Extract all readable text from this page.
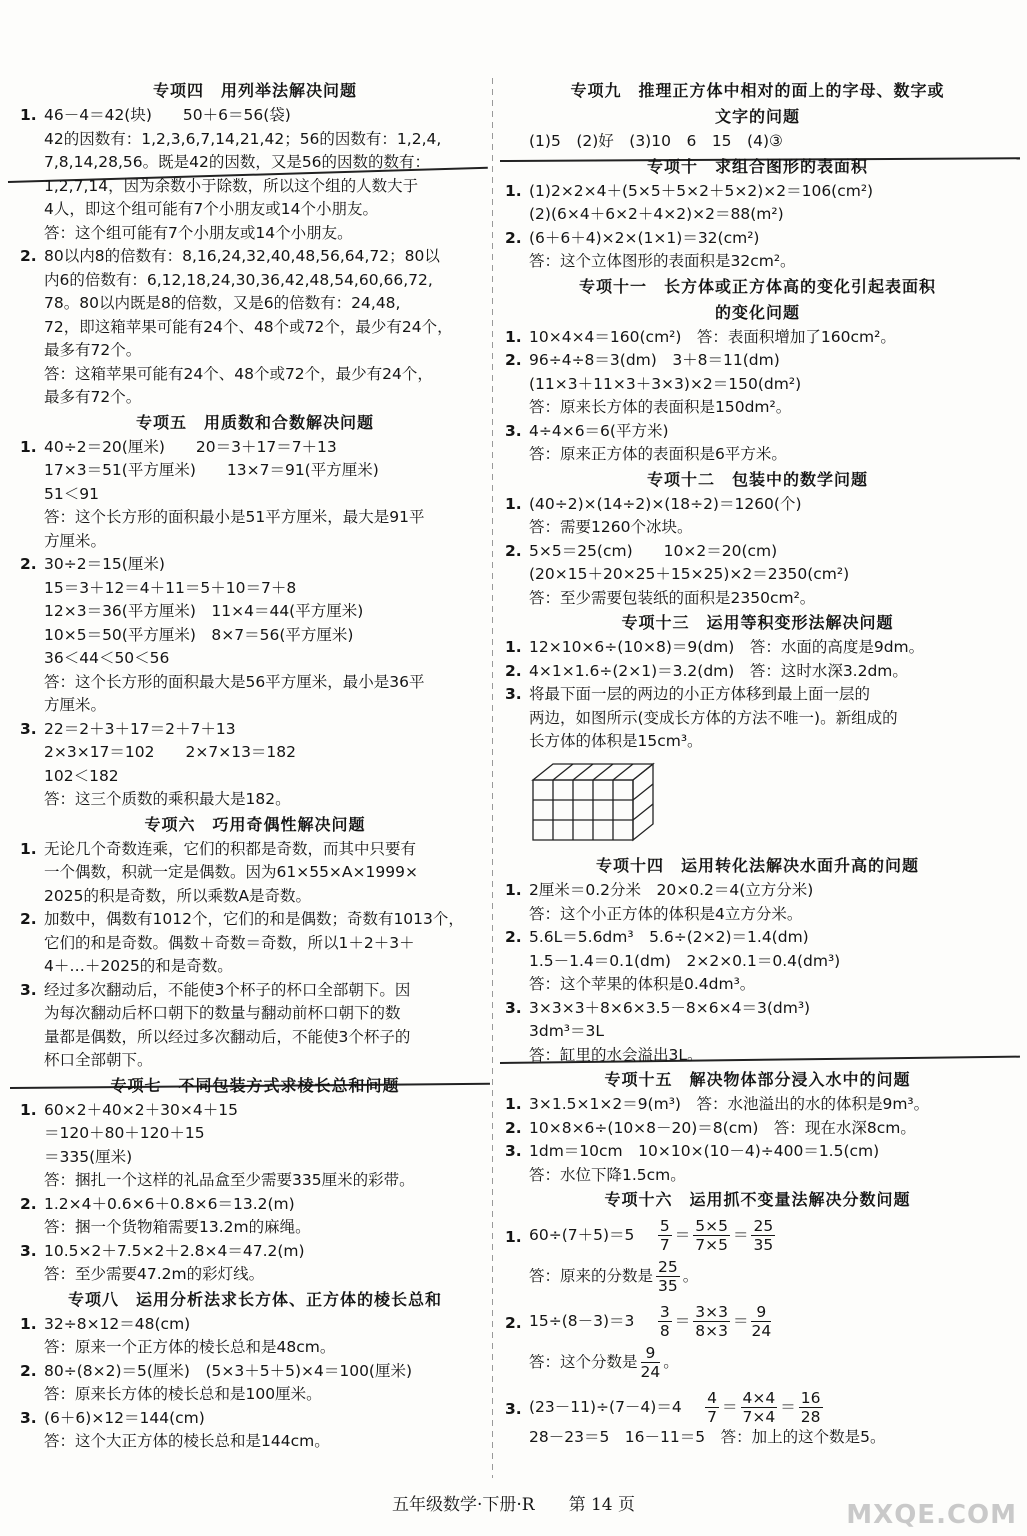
专项四　用列举法解决问题
1. 46－4＝42(块)　　50＋6＝56(袋)
42的因数有：1,2,3,6,7,14,21,42；56的因数有：1,2,4,
7,8,14,28,56。既是42的因数，又是56的因数的数有：
1,2,7,14，因为余数小于除数，所以这个组的人数大于
4人，即这个组可能有7个小朋友或14个小朋友。
答：这个组可能有7个小朋友或14个小朋友。
2. 80以内8的倍数有：8,16,24,32,40,48,56,64,72；80以
内6的倍数有：6,12,18,24,30,36,42,48,54,60,66,72,
78。80以内既是8的倍数，又是6的倍数有：24,48,
72，即这箱苹果可能有24个、48个或72个，最少有24个，
最多有72个。
答：这箱苹果可能有24个、48个或72个，最少有24个，
最多有72个。
专项五　用质数和合数解决问题
1. 40÷2＝20(厘米)　　20＝3＋17＝7＋13
17×3＝51(平方厘米)　　13×7＝91(平方厘米)
51＜91
答：这个长方形的面积最小是51平方厘米，最大是91平
方厘米。
2. 30÷2＝15(厘米)
15＝3＋12＝4＋11＝5＋10＝7＋8
12×3＝36(平方厘米)　11×4＝44(平方厘米)
10×5＝50(平方厘米)　8×7＝56(平方厘米)
36＜44＜50＜56
答：这个长方形的面积最大是56平方厘米，最小是36平
方厘米。
3. 22＝2＋3＋17＝2＋7＋13
2×3×17＝102　　2×7×13＝182
102＜182
答：这三个质数的乘积最大是182。
专项六　巧用奇偶性解决问题
1. 无论几个奇数连乘，它们的积都是奇数，而其中只要有
一个偶数，积就一定是偶数。因为61×55×A×1999×
2025的积是奇数，所以乘数A是奇数。
2. 加数中，偶数有1012个，它们的和是偶数；奇数有1013个，
它们的和是奇数。偶数＋奇数＝奇数，所以1＋2＋3＋
4＋…＋2025的和是奇数。
3. 经过多次翻动后，不能使3个杯子的杯口全部朝下。因
为每次翻动后杯口朝下的数量与翻动前杯口朝下的数
量都是偶数，所以经过多次翻动后，不能使3个杯子的
杯口全部朝下。
专项七　不同包装方式求棱长总和问题
1. 60×2＋40×2＋30×4＋15
＝120＋80＋120＋15
＝335(厘米)
答：捆扎一个这样的礼品盒至少需要335厘米的彩带。
2. 1.2×4＋0.6×6＋0.8×6＝13.2(m)
答：捆一个货物箱需要13.2m的麻绳。
3. 10.5×2＋7.5×2＋2.8×4＝47.2(m)
答：至少需要47.2m的彩灯线。
专项八　运用分析法求长方体、正方体的棱长总和
1. 32÷8×12＝48(cm)
答：原来一个正方体的棱长总和是48cm。
2. 80÷(8×2)＝5(厘米)　(5×3＋5＋5)×4＝100(厘米)
答：原来长方体的棱长总和是100厘米。
3. (6＋6)×12＝144(cm)
答：这个大正方体的棱长总和是144cm。
专项九　推理正方体中相对的面上的字母、数字或
文字的问题
(1)5　(2)好　(3)10　6　15　(4)③
专项十　求组合图形的表面积
1. (1)2×2×4＋(5×5＋5×2＋5×2)×2＝106(cm²)
(2)(6×4＋6×2＋4×2)×2＝88(m²)
2. (6＋6＋4)×2×(1×1)＝32(cm²)
答：这个立体图形的表面积是32cm²。
专项十一　长方体或正方体高的变化引起表面积
的变化问题
1. 10×4×4＝160(cm²)　答：表面积增加了160cm²。
2. 96÷4÷8＝3(dm)　3＋8＝11(dm)
(11×3＋11×3＋3×3)×2＝150(dm²)
答：原来长方体的表面积是150dm²。
3. 4÷4×6＝6(平方米)
答：原来正方体的表面积是6平方米。
专项十二　包装中的数学问题
1. (40÷2)×(14÷2)×(18÷2)＝1260(个)
答：需要1260个冰块。
2. 5×5＝25(cm)　　10×2＝20(cm)
(20×15＋20×25＋15×25)×2＝2350(cm²)
答：至少需要包装纸的面积是2350cm²。
专项十三　运用等积变形法解决问题
1. 12×10×6÷(10×8)＝9(dm)　答：水面的高度是9dm。
2. 4×1×1.6÷(2×1)＝3.2(dm)　答：这时水深3.2dm。
3. 将最下面一层的两边的小正方体移到最上面一层的
两边，如图所示(变成长方体的方法不唯一)。新组成的
长方体的体积是15cm³。
专项十四　运用转化法解决水面升高的问题
1. 2厘米＝0.2分米　20×0.2＝4(立方分米)
答：这个小正方体的体积是4立方分米。
2. 5.6L＝5.6dm³　5.6÷(2×2)＝1.4(dm)
1.5－1.4＝0.1(dm)　2×2×0.1＝0.4(dm³)
答：这个苹果的体积是0.4dm³。
3. 3×3×3＋8×6×3.5－8×6×4＝3(dm³)
3dm³＝3L
答：缸里的水会溢出3L。
专项十五　解决物体部分浸入水中的问题
1. 3×1.5×1×2＝9(m³)　答：水池溢出的水的体积是9m³。
2. 10×8×6÷(10×8－20)＝8(cm)　答：现在水深8cm。
3. 1dm＝10cm　10×10×(10－4)÷400＝1.5(cm)
答：水位下降1.5cm。
专项十六　运用抓不变量法解决分数问题
1. 60÷(7＋5)＝5　 $\frac{5}{7} = \frac{5\times 5}{7\times 5} = \frac{25}{35}$
答：原来的分数是 $\frac{25}{35}$ 。
2. 15÷(8－3)＝3　 $\frac{3}{8} = \frac{3\times 3}{8\times 3} = \frac{9}{24}$
答：这个分数是 $\frac{9}{24}$ 。
3. (23－11)÷(7－4)＝4　 $\frac{4}{7} = \frac{4\times 4}{7\times 4} = \frac{16}{28}$
28－23＝5　16－11＝5　答：加上的这个数是5。
五年级数学·下册·R　　第 14 页	MXQE.COM
